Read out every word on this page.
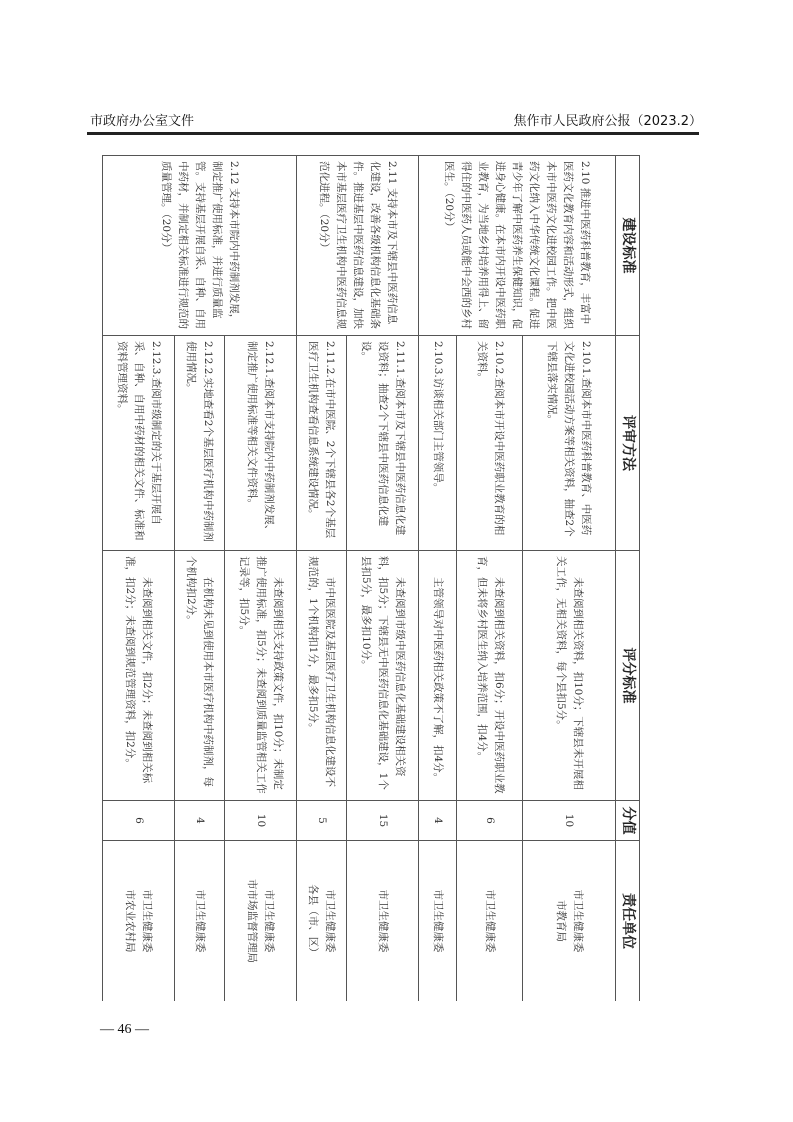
市政府办公室文件	焦作市人民政府公报（2023.2）
建设标准	评审方法	评分标准	分值	责任单位
2.10 推进中医药科普教育，丰富中医药文化教育内容和活动形式，组织本市中医药文化进校园工作。把中医药文化纳入中华传统文化课程。促进青少年了解中医药养生保健知识，促进身心健康。在本市内开设中医药职业教育，为当地乡村培养用得上、留得住的中医药人员或能中会西的乡村医生。（20分）	2.10.1.查阅本市中医药科普教育、中医药文化进校园活动方案等相关资料，抽查2个下辖县落实情况。	未查阅到相关资料，扣10分；下辖县未开展相关工作，无相关资料，每个县扣5分。	10	市卫生健康委
市教育局
	2.10.2.查阅本市开设中医药职业教育的相关资料。	未查阅到相关资料，扣6分；开设中医药职业教育，但未将乡村医生纳入培养范围，扣4分。	6	市卫生健康委
	2.10.3.访谈相关部门主管领导。	主管领导对中医药相关政策不了解，扣4分。	4	市卫生健康委
2.11 支持本市及下辖县中医药信息化建设，改善各级机构信息化基础条件。推进基层中医药信息建设，加快本市基层医疗卫生机构中医药信息规范化进程。（20分）	2.11.1.查阅本市及下辖县中医药信息化建设资料；抽查2个下辖县中医药信息化建设。	未查阅到市级中医药信息化基础建设相关资料，扣5分；下辖县无中医药信息化基础建设，1个县扣5分，最多扣10分。	15	市卫生健康委
	2.11.2.在市中医院、2个下辖县各2个基层医疗卫生机构查看信息系统建设情况。	市中医医院及基层医疗卫生机构信息化建设不规范的，1个机构扣1分，最多扣5分。	5	市卫生健康委
各县（市、区）
2.12 支持本市院内中药制剂发展，制定推广使用标准，并进行质量监管。支持基层开展自采、自种、自用中药材，并制定相关标准进行规范的质量管理。（20分）	2.12.1.查阅本市支持院内中药制剂发展、制定推广使用标准等相关文件资料。	未查阅到相关支持政策文件，扣10分；未制定推广使用标准，扣5分；未查阅到质量监管相关工作记录等，扣5分。	10	市卫生健康委
市市场监督管理局
	2.12.2.实地查看2个基层医疗机构中药制剂使用情况。	在机构未见到使用本市医疗机构中药制剂，每个机构扣2分。	4	市卫生健康委
	2.12.3.查阅市级制定的关于基层开展自采、自种、自用中药材的相关文件、标准和资料管理资料。	未查阅到相关文件，扣2分；未查阅到相关标准，扣2分；未查阅到规范管理资料，扣2分。	6	市卫生健康委
市农业农村局
— 46 —
